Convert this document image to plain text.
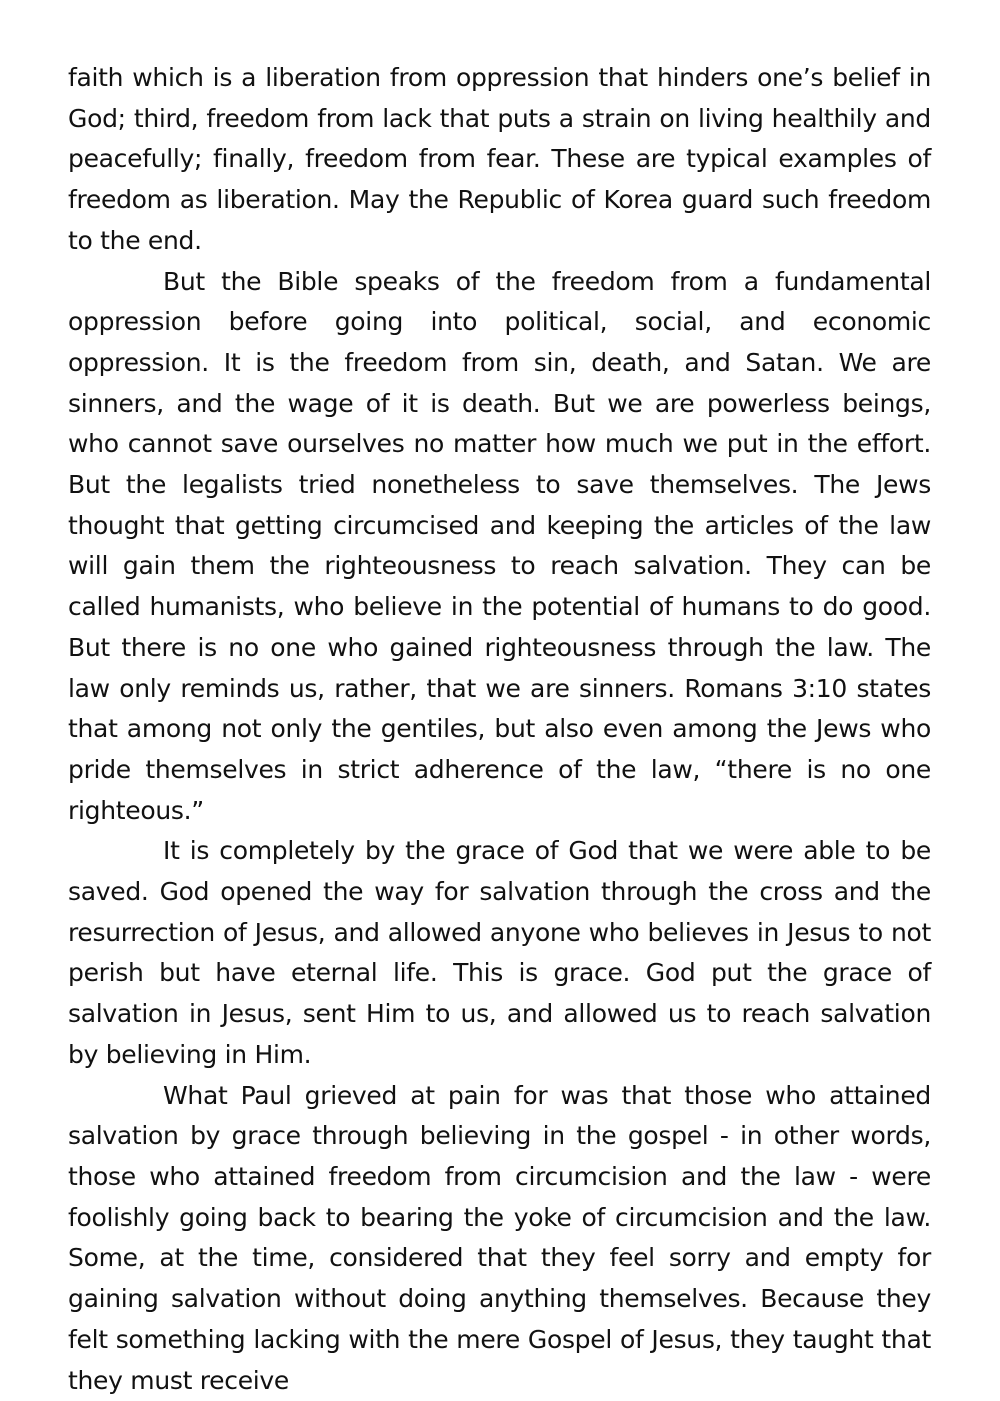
faith which is a liberation from oppression that hinders one’s belief in God; third, freedom from lack that puts a strain on living healthily and peacefully; finally, freedom from fear. These are typical examples of freedom as liberation. May the Republic of Korea guard such freedom to the end.

But the Bible speaks of the freedom from a fundamental oppression before going into political, social, and economic oppression. It is the freedom from sin, death, and Satan. We are sinners, and the wage of it is death. But we are powerless beings, who cannot save ourselves no matter how much we put in the effort. But the legalists tried nonetheless to save themselves. The Jews thought that getting circumcised and keeping the articles of the law will gain them the righteousness to reach salvation. They can be called humanists, who believe in the potential of humans to do good. But there is no one who gained righteousness through the law. The law only reminds us, rather, that we are sinners. Romans 3:10 states that among not only the gentiles, but also even among the Jews who pride themselves in strict adherence of the law, “there is no one righteous.”

It is completely by the grace of God that we were able to be saved. God opened the way for salvation through the cross and the resurrection of Jesus, and allowed anyone who believes in Jesus to not perish but have eternal life. This is grace. God put the grace of salvation in Jesus, sent Him to us, and allowed us to reach salvation by believing in Him.

What Paul grieved at pain for was that those who attained salvation by grace through believing in the gospel - in other words, those who attained freedom from circumcision and the law - were foolishly going back to bearing the yoke of circumcision and the law. Some, at the time, considered that they feel sorry and empty for gaining salvation without doing anything themselves. Because they felt something lacking with the mere Gospel of Jesus, they taught that they must receive
